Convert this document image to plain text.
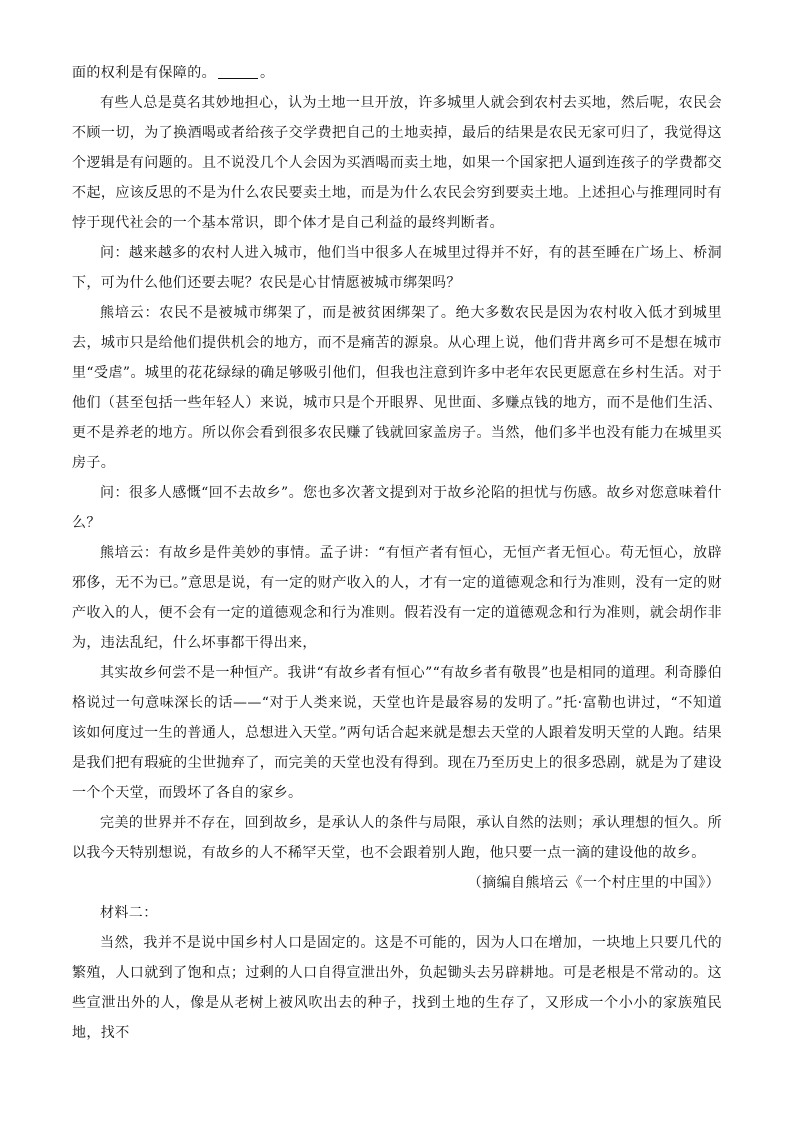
面的权利是有保障的。	。

有些人总是莫名其妙地担心，认为土地一旦开放，许多城里人就会到农村去买地，然后呢，农民会不顾一切，为了换酒喝或者给孩子交学费把自己的土地卖掉，最后的结果是农民无家可归了，我觉得这个逻辑是有问题的。且不说没几个人会因为买酒喝而卖土地，如果一个国家把人逼到连孩子的学费都交不起，应该反思的不是为什么农民要卖土地，而是为什么农民会穷到要卖土地。上述担心与推理同时有悖于现代社会的一个基本常识，即个体才是自己利益的最终判断者。

问：越来越多的农村人进入城市，他们当中很多人在城里过得并不好，有的甚至睡在广场上、桥洞下，可为什么他们还要去呢？农民是心甘情愿被城市绑架吗？

熊培云：农民不是被城市绑架了，而是被贫困绑架了。绝大多数农民是因为农村收入低才到城里去，城市只是给他们提供机会的地方，而不是痛苦的源泉。从心理上说，他们背井离乡可不是想在城市里“受虐”。城里的花花绿绿的确足够吸引他们，但我也注意到许多中老年农民更愿意在乡村生活。对于他们（甚至包括一些年轻人）来说，城市只是个开眼界、见世面、多赚点钱的地方，而不是他们生活、更不是养老的地方。所以你会看到很多农民赚了钱就回家盖房子。当然，他们多半也没有能力在城里买房子。

问：很多人感慨“回不去故乡”。您也多次著文提到对于故乡沦陷的担忧与伤感。故乡对您意味着什么？

熊培云：有故乡是件美妙的事情。孟子讲：“有恒产者有恒心，无恒产者无恒心。苟无恒心，放辟邪侈，无不为已。”意思是说，有一定的财产收入的人，才有一定的道德观念和行为准则，没有一定的财产收入的人，便不会有一定的道德观念和行为准则。假若没有一定的道德观念和行为准则，就会胡作非为，违法乱纪，什么坏事都干得出来，

其实故乡何尝不是一种恒产。我讲“有故乡者有恒心”“有故乡者有敬畏”也是相同的道理。利奇滕伯格说过一句意味深长的话——“对于人类来说，天堂也许是最容易的发明了。”托·富勒也讲过，“不知道该如何度过一生的普通人，总想进入天堂。”两句话合起来就是想去天堂的人跟着发明天堂的人跑。结果是我们把有瑕疵的尘世抛弃了，而完美的天堂也没有得到。现在乃至历史上的很多恐剧，就是为了建设一个个天堂，而毁坏了各自的家乡。

完美的世界并不存在，回到故乡，是承认人的条件与局限，承认自然的法则；承认理想的恒久。所以我今天特别想说，有故乡的人不稀罕天堂，也不会跟着别人跑，他只要一点一滴的建设他的故乡。

（摘编自熊培云《一个村庄里的中国》）

材料二：

当然，我并不是说中国乡村人口是固定的。这是不可能的，因为人口在增加，一块地上只要几代的繁殖，人口就到了饱和点；过剩的人口自得宣泄出外，负起锄头去另辟耕地。可是老根是不常动的。这些宣泄出外的人，像是从老树上被风吹出去的种子，找到土地的生存了，又形成一个小小的家族殖民地，找不
